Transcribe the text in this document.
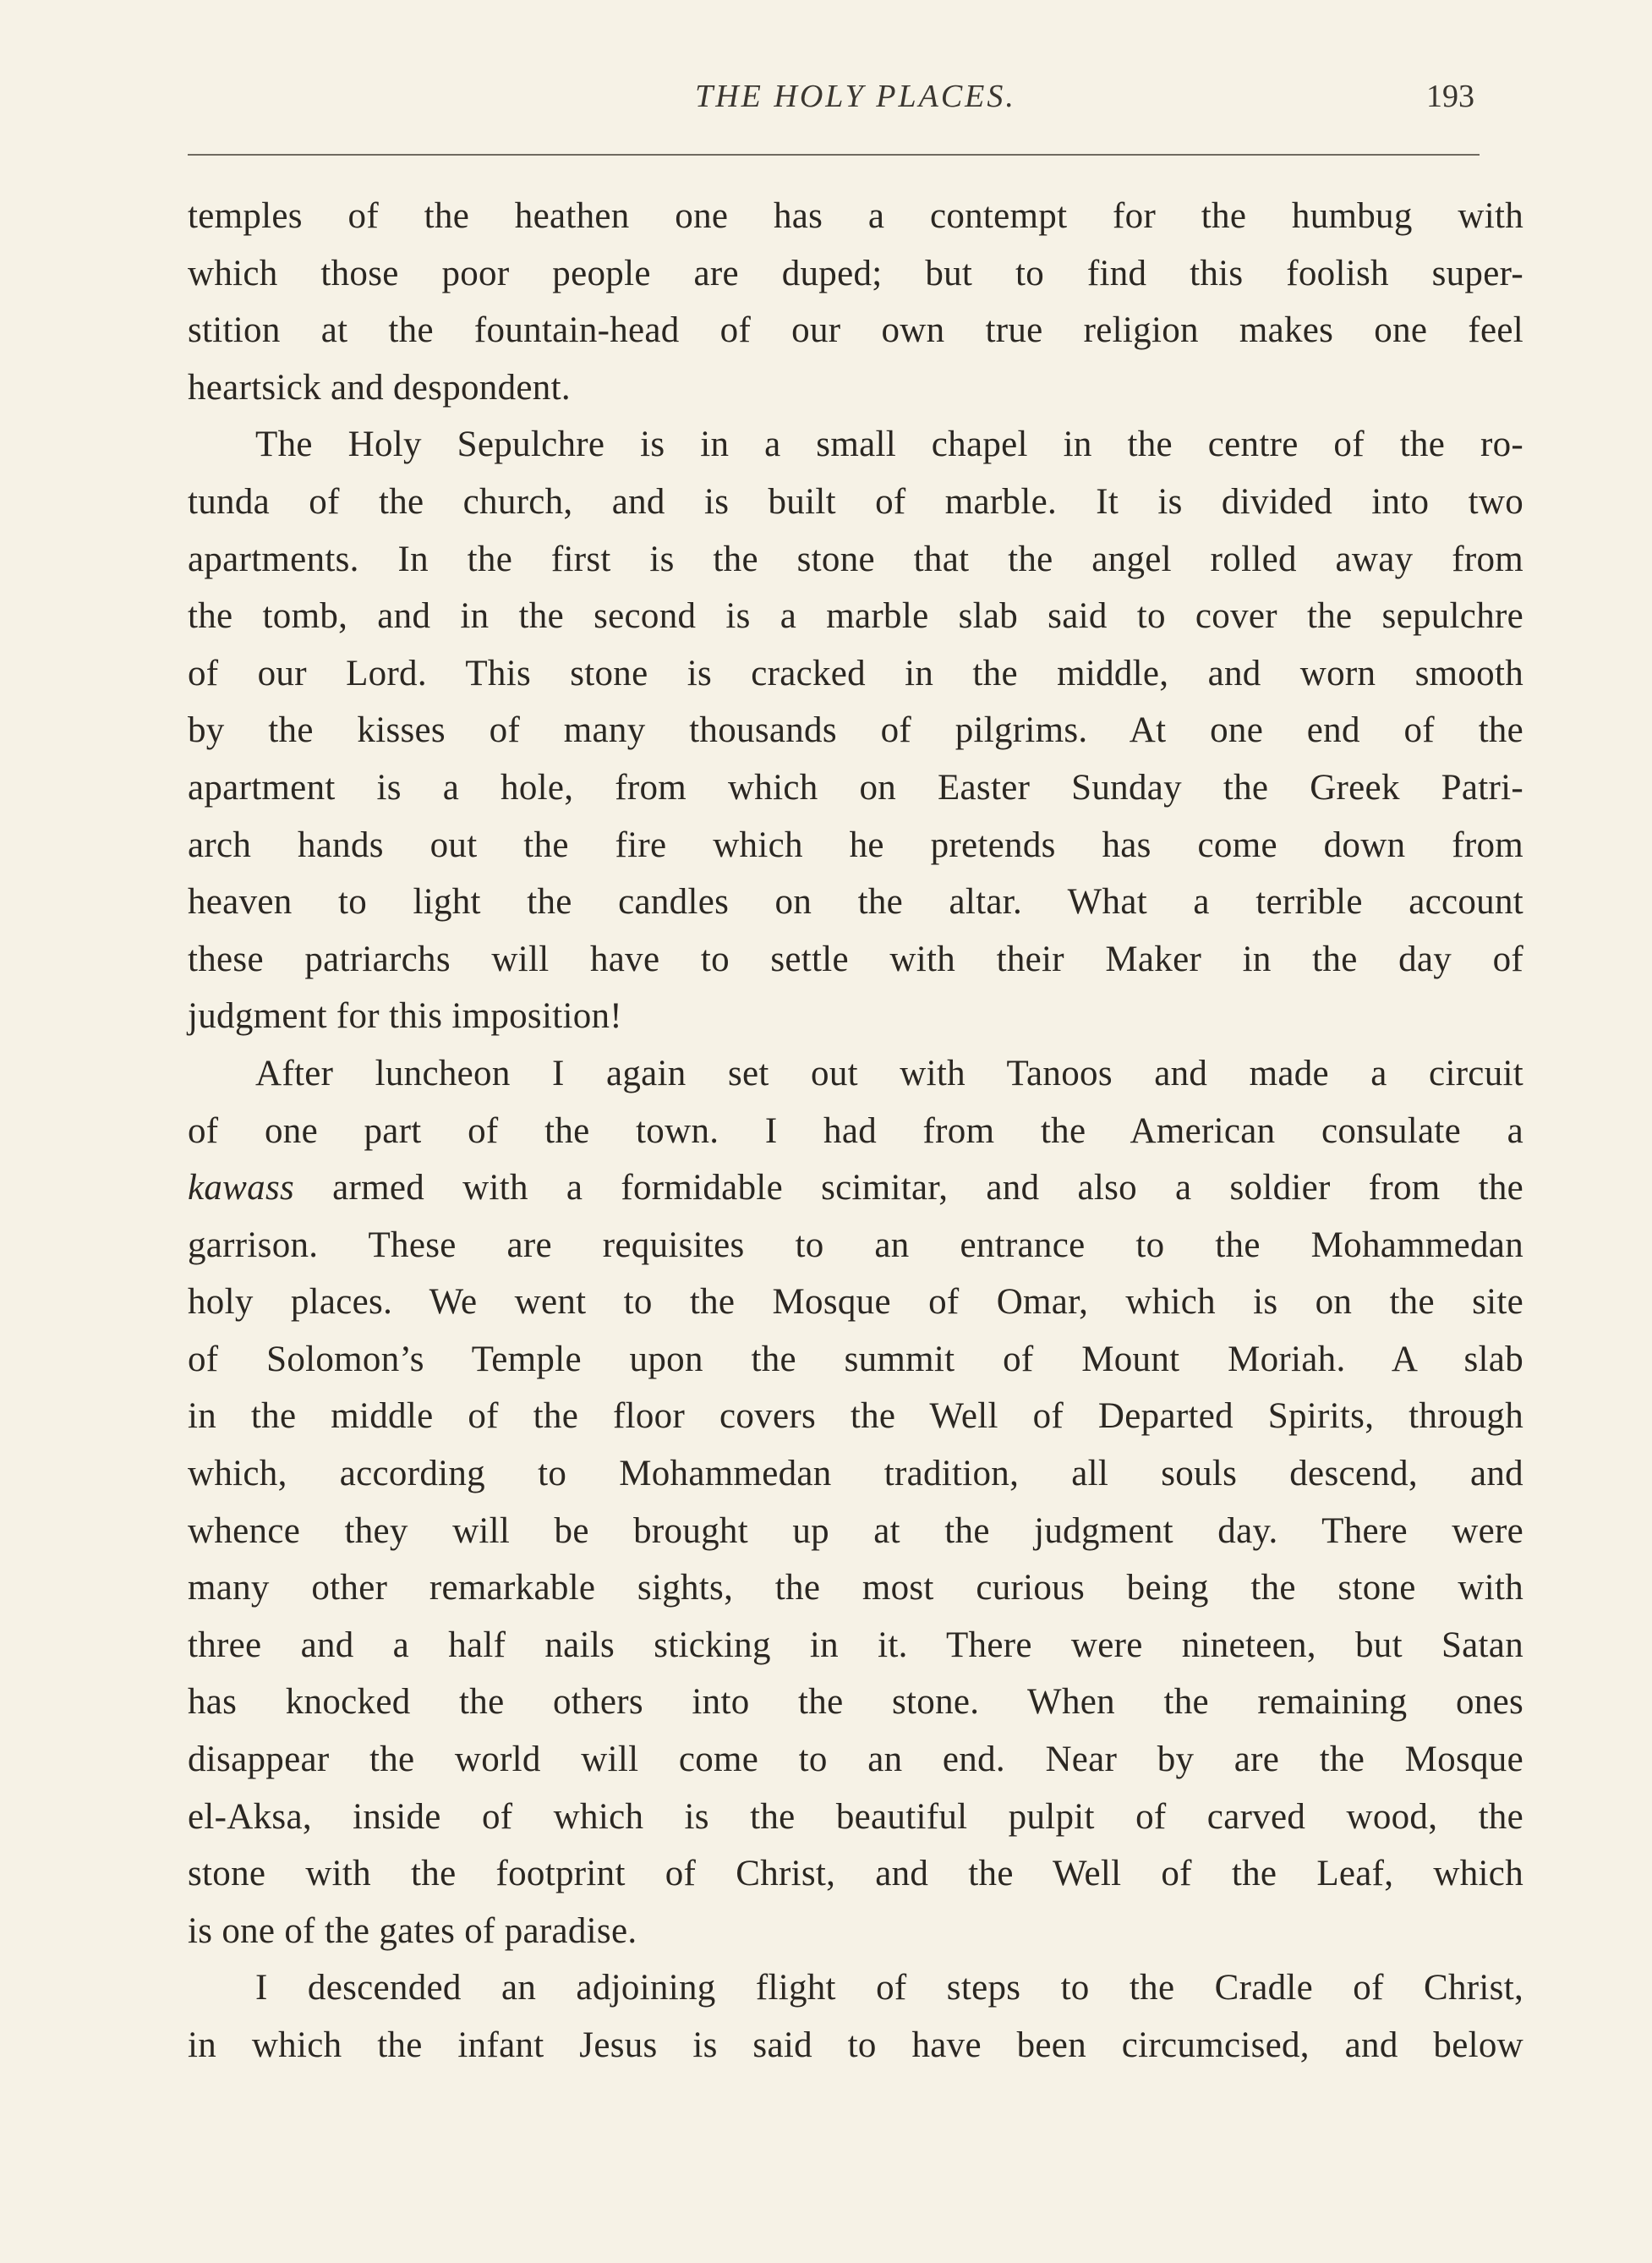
THE HOLY PLACES.	193
temples of the heathen one has a contempt for the humbug with
which those poor people are duped; but to find this foolish super-
stition at the fountain-head of our own true religion makes one feel
heartsick and despondent.
The Holy Sepulchre is in a small chapel in the centre of the ro-
tunda of the church, and is built of marble. It is divided into two
apartments. In the first is the stone that the angel rolled away from
the tomb, and in the second is a marble slab said to cover the sepulchre
of our Lord. This stone is cracked in the middle, and worn smooth
by the kisses of many thousands of pilgrims. At one end of the
apartment is a hole, from which on Easter Sunday the Greek Patri-
arch hands out the fire which he pretends has come down from
heaven to light the candles on the altar. What a terrible account
these patriarchs will have to settle with their Maker in the day of
judgment for this imposition!
After luncheon I again set out with Tanoos and made a circuit
of one part of the town. I had from the American consulate a
kawass armed with a formidable scimitar, and also a soldier from the
garrison. These are requisites to an entrance to the Mohammedan
holy places. We went to the Mosque of Omar, which is on the site
of Solomon’s Temple upon the summit of Mount Moriah. A slab
in the middle of the floor covers the Well of Departed Spirits, through
which, according to Mohammedan tradition, all souls descend, and
whence they will be brought up at the judgment day. There were
many other remarkable sights, the most curious being the stone with
three and a half nails sticking in it. There were nineteen, but Satan
has knocked the others into the stone. When the remaining ones
disappear the world will come to an end. Near by are the Mosque
el-Aksa, inside of which is the beautiful pulpit of carved wood, the
stone with the footprint of Christ, and the Well of the Leaf, which
is one of the gates of paradise.
I descended an adjoining flight of steps to the Cradle of Christ,
in which the infant Jesus is said to have been circumcised, and below
